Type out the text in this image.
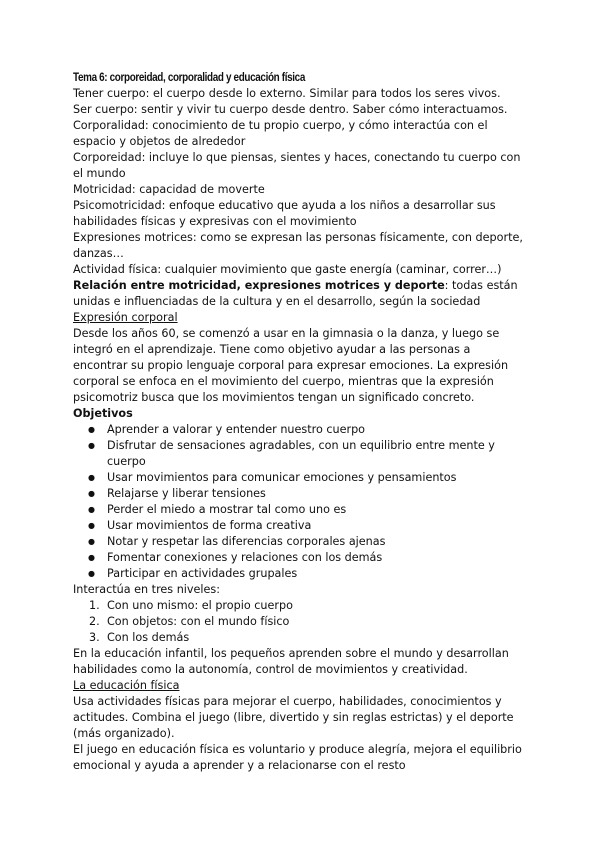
Tema 6: corporeidad, corporalidad y educación física

Tener cuerpo: el cuerpo desde lo externo. Similar para todos los seres vivos.

Ser cuerpo: sentir y vivir tu cuerpo desde dentro. Saber cómo interactuamos.

Corporalidad: conocimiento de tu propio cuerpo, y cómo interactúa con el espacio y objetos de alrededor

Corporeidad: incluye lo que piensas, sientes y haces, conectando tu cuerpo con el mundo

Motricidad: capacidad de moverte

Psicomotricidad: enfoque educativo que ayuda a los niños a desarrollar sus habilidades físicas y expresivas con el movimiento

Expresiones motrices: como se expresan las personas físicamente, con deporte, danzas…

Actividad física: cualquier movimiento que gaste energía (caminar, correr…)

Relación entre motricidad, expresiones motrices y deporte: todas están unidas e influenciadas de la cultura y en el desarrollo, según la sociedad

Expresión corporal

Desde los años 60, se comenzó a usar en la gimnasia o la danza, y luego se integró en el aprendizaje. Tiene como objetivo ayudar a las personas a encontrar su propio lenguaje corporal para expresar emociones. La expresión corporal se enfoca en el movimiento del cuerpo, mientras que la expresión psicomotriz busca que los movimientos tengan un significado concreto.

Objetivos

● Aprender a valorar y entender nuestro cuerpo
● Disfrutar de sensaciones agradables, con un equilibrio entre mente y cuerpo
● Usar movimientos para comunicar emociones y pensamientos
● Relajarse y liberar tensiones
● Perder el miedo a mostrar tal como uno es
● Usar movimientos de forma creativa
● Notar y respetar las diferencias corporales ajenas
● Fomentar conexiones y relaciones con los demás
● Participar en actividades grupales

Interactúa en tres niveles:

1. Con uno mismo: el propio cuerpo
2. Con objetos: con el mundo físico
3. Con los demás

En la educación infantil, los pequeños aprenden sobre el mundo y desarrollan habilidades como la autonomía, control de movimientos y creatividad.

La educación física

Usa actividades físicas para mejorar el cuerpo, habilidades, conocimientos y actitudes. Combina el juego (libre, divertido y sin reglas estrictas) y el deporte (más organizado).

El juego en educación física es voluntario y produce alegría, mejora el equilibrio emocional y ayuda a aprender y a relacionarse con el resto
